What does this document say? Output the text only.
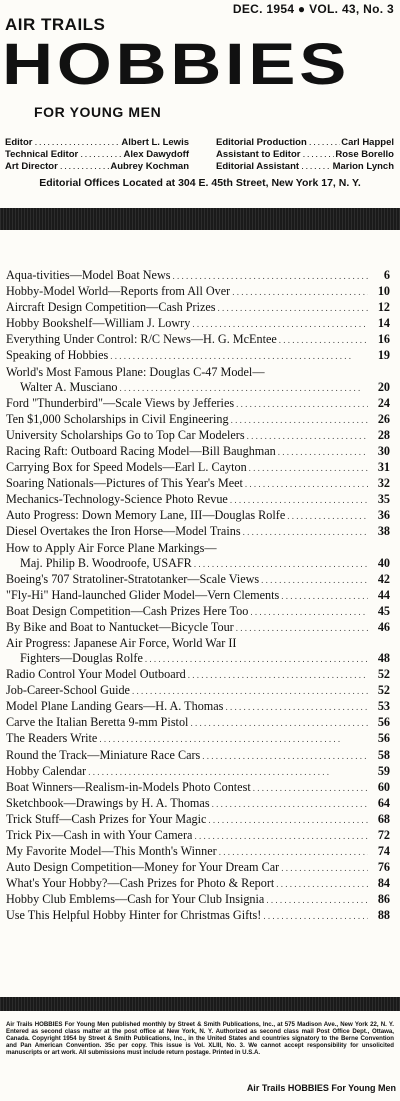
DEC. 1954 ● VOL. 43, No. 3
AIR TRAILS
HOBBIES
FOR YOUNG MEN
Editor . . .	Albert L. Lewis
Technical Editor . . .	Alex Dawydoff
Art Director . . .	Aubrey Kochman
Editorial Production . . .	Carl Happel
Assistant to Editor . . .	Rose Borello
Editorial Assistant . . .	Marion Lynch
Editorial Offices Located at 304 E. 45th Street, New York 17, N. Y.
Aqua-tivities—Model Boat News . . .	6
Hobby-Model World—Reports from All Over . . .	10
Aircraft Design Competition—Cash Prizes . . .	12
Hobby Bookshelf—William J. Lowry . . .	14
Everything Under Control: R/C News—H. G. McEntee . . .	16
Speaking of Hobbies . . .	19
World's Most Famous Plane: Douglas C-47 Model—
Walter A. Musciano . . .	20
Ford "Thunderbird"—Scale Views by Jefferies . . .	24
Ten $1,000 Scholarships in Civil Engineering . . .	26
University Scholarships Go to Top Car Modelers . . .	28
Racing Raft: Outboard Racing Model—Bill Baughman . . .	30
Carrying Box for Speed Models—Earl L. Cayton . . .	31
Soaring Nationals—Pictures of This Year's Meet . . .	32
Mechanics-Technology-Science Photo Revue . . .	35
Auto Progress: Down Memory Lane, III—Douglas Rolfe . . .	36
Diesel Overtakes the Iron Horse—Model Trains . . .	38
How to Apply Air Force Plane Markings—
Maj. Philip B. Woodroofe, USAFR . . .	40
Boeing's 707 Stratoliner-Stratotanker—Scale Views . . .	42
"Fly-Hi" Hand-launched Glider Model—Vern Clements . . .	44
Boat Design Competition—Cash Prizes Here Too . . .	45
By Bike and Boat to Nantucket—Bicycle Tour . . .	46
Air Progress: Japanese Air Force, World War II
Fighters—Douglas Rolfe . . .	48
Radio Control Your Model Outboard . . .	52
Job-Career-School Guide . . .	52
Model Plane Landing Gears—H. A. Thomas . . .	53
Carve the Italian Beretta 9-mm Pistol . . .	56
The Readers Write . . .	56
Round the Track—Miniature Race Cars . . .	58
Hobby Calendar . . .	59
Boat Winners—Realism-in-Models Photo Contest . . .	60
Sketchbook—Drawings by H. A. Thomas . . .	64
Trick Stuff—Cash Prizes for Your Magic . . .	68
Trick Pix—Cash in with Your Camera . . .	72
My Favorite Model—This Month's Winner . . .	74
Auto Design Competition—Money for Your Dream Car . . .	76
What's Your Hobby?—Cash Prizes for Photo & Report . . .	84
Hobby Club Emblems—Cash for Your Club Insignia . . .	86
Use This Helpful Hobby Hinter for Christmas Gifts! . . .	88
Air Trails HOBBIES For Young Men published monthly by Street & Smith Publications, Inc., at 575 Madison Ave., New York 22, N. Y. Entered as second class matter at the post office at New York, N. Y. Authorized as second class mail Post Office Dept., Ottawa, Canada. Copyright 1954 by Street & Smith Publications, Inc., in the United States and countries signatory to the Berne Convention and Pan American Convention. 35c per copy. This issue is Vol. XLIII, No. 3. We cannot accept responsibility for unsolicited manuscripts or art work. All submissions must include return postage. Printed in U.S.A.
Air Trails HOBBIES For Young Men
